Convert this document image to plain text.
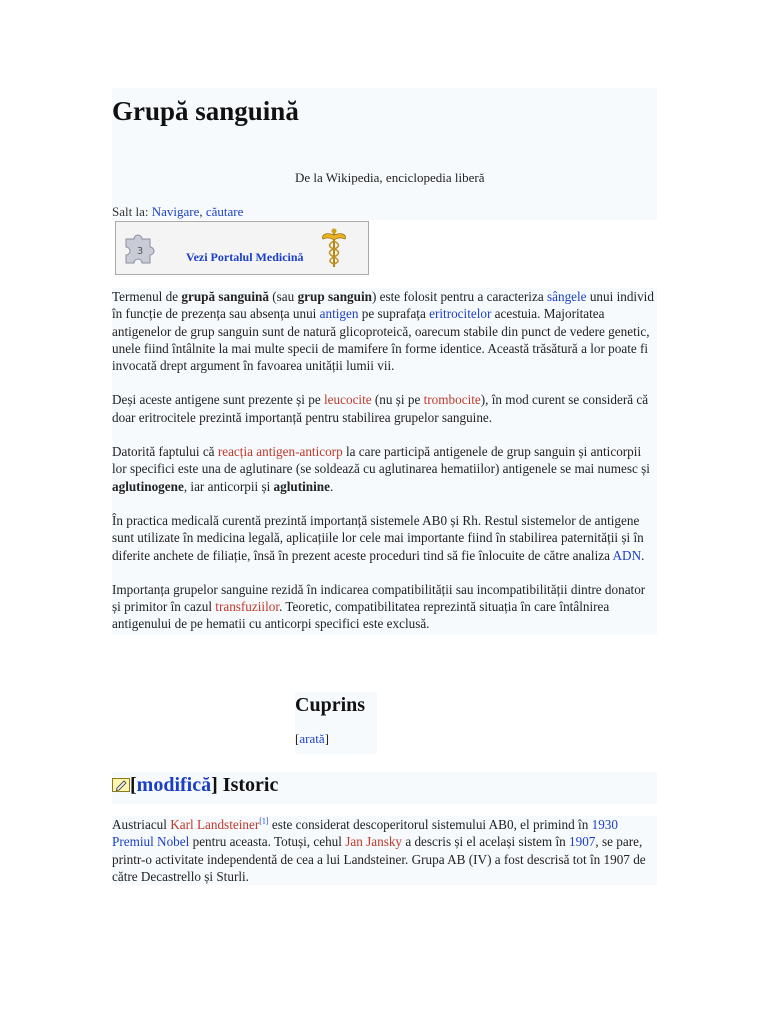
Grupă sanguină
De la Wikipedia, enciclopedia liberă
Salt la: Navigare, căutare
3	Vezi Portalul Medicină

Termenul de grupă sanguină (sau grup sanguin) este folosit pentru a caracteriza sângele unui individ în funcție de prezența sau absența unui antigen pe suprafața eritrocitelor acestuia. Majoritatea antigenelor de grup sanguin sunt de natură glicoproteică, oarecum stabile din punct de vedere genetic, unele fiind întâlnite la mai multe specii de mamifere în forme identice. Această trăsătură a lor poate fi invocată drept argument în favoarea unității lumii vii.

Deși aceste antigene sunt prezente și pe leucocite (nu și pe trombocite), în mod curent se consideră că doar eritrocitele prezintă importanță pentru stabilirea grupelor sanguine.

Datorită faptului că reacția antigen-anticorp la care participă antigenele de grup sanguin și anticorpii lor specifici este una de aglutinare (se soldează cu aglutinarea hematiilor) antigenele se mai numesc și aglutinogene, iar anticorpii și aglutinine.

În practica medicală curentă prezintă importanță sistemele AB0 și Rh. Restul sistemelor de antigene sunt utilizate în medicina legală, aplicațiile lor cele mai importante fiind în stabilirea paternității și în diferite anchete de filiație, însă în prezent aceste proceduri tind să fie înlocuite de către analiza ADN.

Importanța grupelor sanguine rezidă în indicarea compatibilității sau incompatibilității dintre donator și primitor în cazul transfuziilor. Teoretic, compatibilitatea reprezintă situația în care întâlnirea antigenului de pe hematii cu anticorpi specifici este exclusă.

Cuprins
[arată]
[modifică] Istoric
Austriacul Karl Landsteiner[1] este considerat descoperitorul sistemului AB0, el primind în 1930 Premiul Nobel pentru aceasta. Totuși, cehul Jan Jansky a descris și el același sistem în 1907, se pare, printr-o activitate independentă de cea a lui Landsteiner. Grupa AB (IV) a fost descrisă tot în 1907 de către Decastrello și Sturli.
